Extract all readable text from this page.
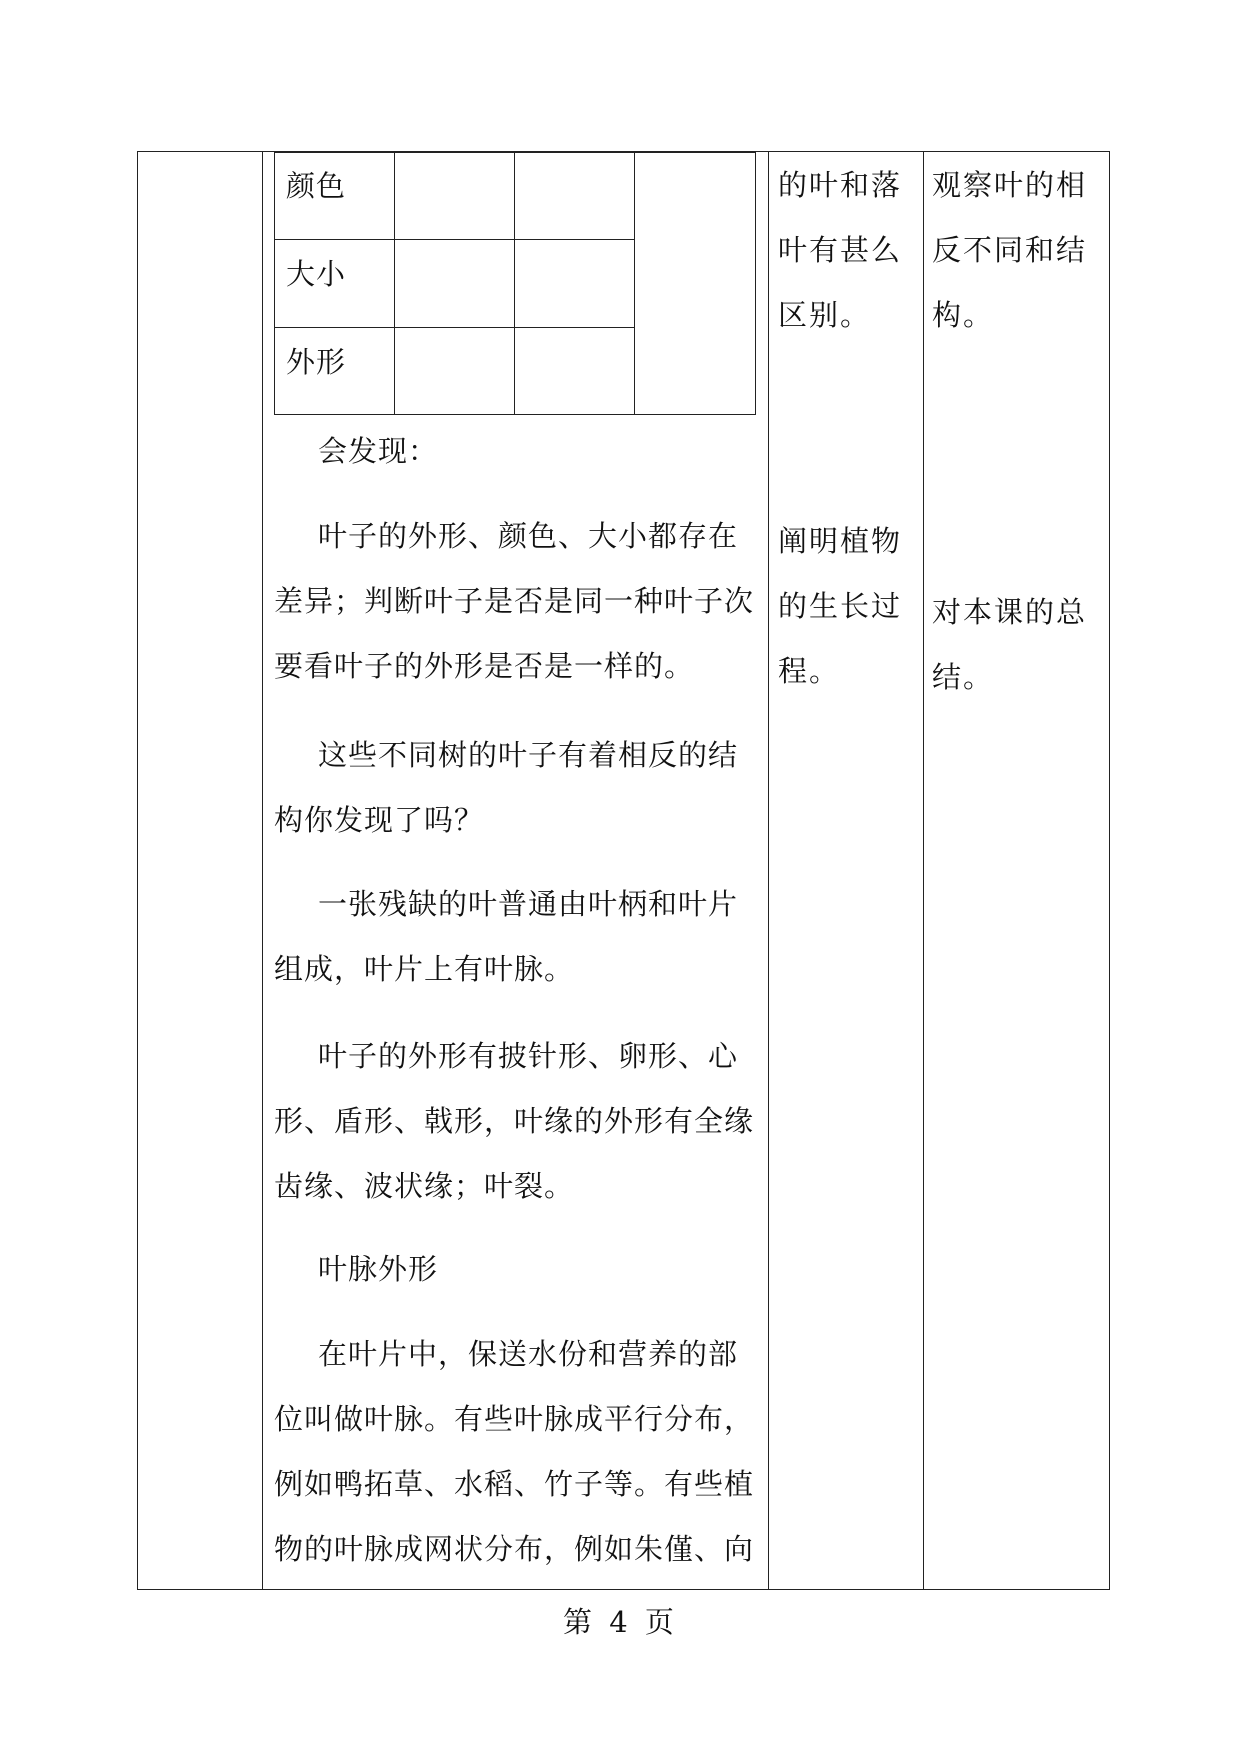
颜色
大小
外形
会发现：
叶子的外形、颜色、大小都存在差异；判断叶子是否是同一种叶子次要看叶子的外形是否是一样的。
这些不同树的叶子有着相反的结构你发现了吗？
一张残缺的叶普通由叶柄和叶片组成，叶片上有叶脉。
叶子的外形有披针形、卵形、心形、盾形、戟形，叶缘的外形有全缘齿缘、波状缘；叶裂。
叶脉外形
在叶片中，保送水份和营养的部位叫做叶脉。有些叶脉成平行分布，例如鸭拓草、水稻、竹子等。有些植物的叶脉成网状分布，例如朱僅、向
的叶和落叶有甚么区别。
阐明植物的生长过程。
观察叶的相反不同和结构。
对本课的总结。
第 4 页
